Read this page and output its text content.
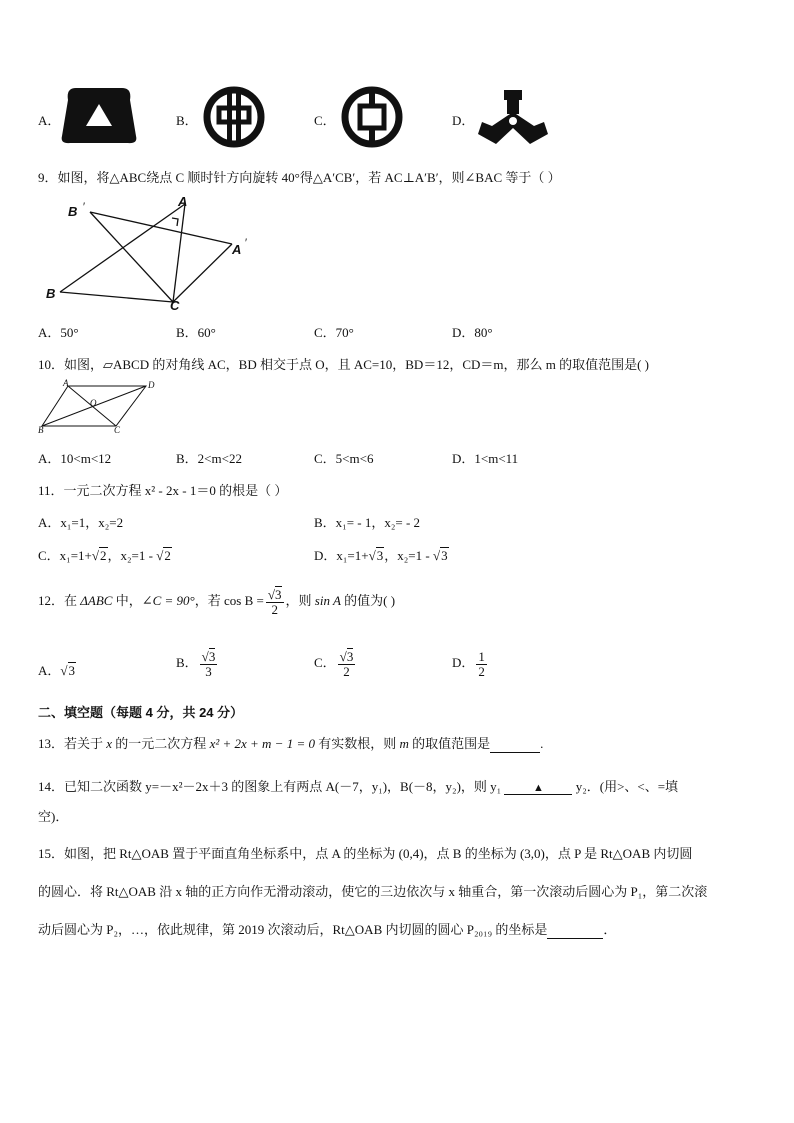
A．	B．	C．	D．
9．如图，将△ABC绕点 C 顺时针方向旋转 40°得△A′CB′，若 AC⊥A′B′，则∠BAC 等于（ ）
B ′	A
A ′
B
C
A．50°	B．60°	C．70°	D．80°
10．如图，▱ABCD 的对角线 AC，BD 相交于点 O，且 AC=10，BD＝12，CD＝m，那么 m 的取值范围是( )
A	D
O
B	C
A．10<m<12	B．2<m<22	C．5<m<6	D．1<m<11
11．一元二次方程 x² - 2x - 1＝0 的根是（ ）
A．x₁=1，x₂=2	B．x₁= - 1，x₂= - 2
C．x₁=1+√2，x₂=1 - √2	D．x₁=1+√3，x₂=1 - √3
12．在 ΔABC 中，∠C = 90°，若 $\cos B = \frac{√3}{2}$ ，则 sin A 的值为( )
A．√3
B． $\frac{√3}{3}$	C． $\frac{√3}{2}$	D． $\frac{1}{2}$
二、填空题（每题 4 分，共 24 分）
13．若关于 x 的一元二次方程 x² + 2x + m − 1 = 0 有实数根，则 m 的取值范围是	.
14．已知二次函数 y=－x²－2x＋3 的图象上有两点 A(－7，y₁)，B(－8，y₂)，则 y₁	▲ y₂．(用>、<、=填
空)．
15．如图，把 Rt△OAB 置于平面直角坐标系中，点 A 的坐标为 (0,4)，点 B 的坐标为 (3,0)，点 P 是 Rt△OAB 内切圆
的圆心．将 Rt△OAB 沿 x 轴的正方向作无滑动滚动，使它的三边依次与 x 轴重合，第一次滚动后圆心为 P₁，第二次滚
动后圆心为 P₂，…，依此规律，第 2019 次滚动后，Rt△OAB 内切圆的圆心 P₂₀₁₉ 的坐标是	．
